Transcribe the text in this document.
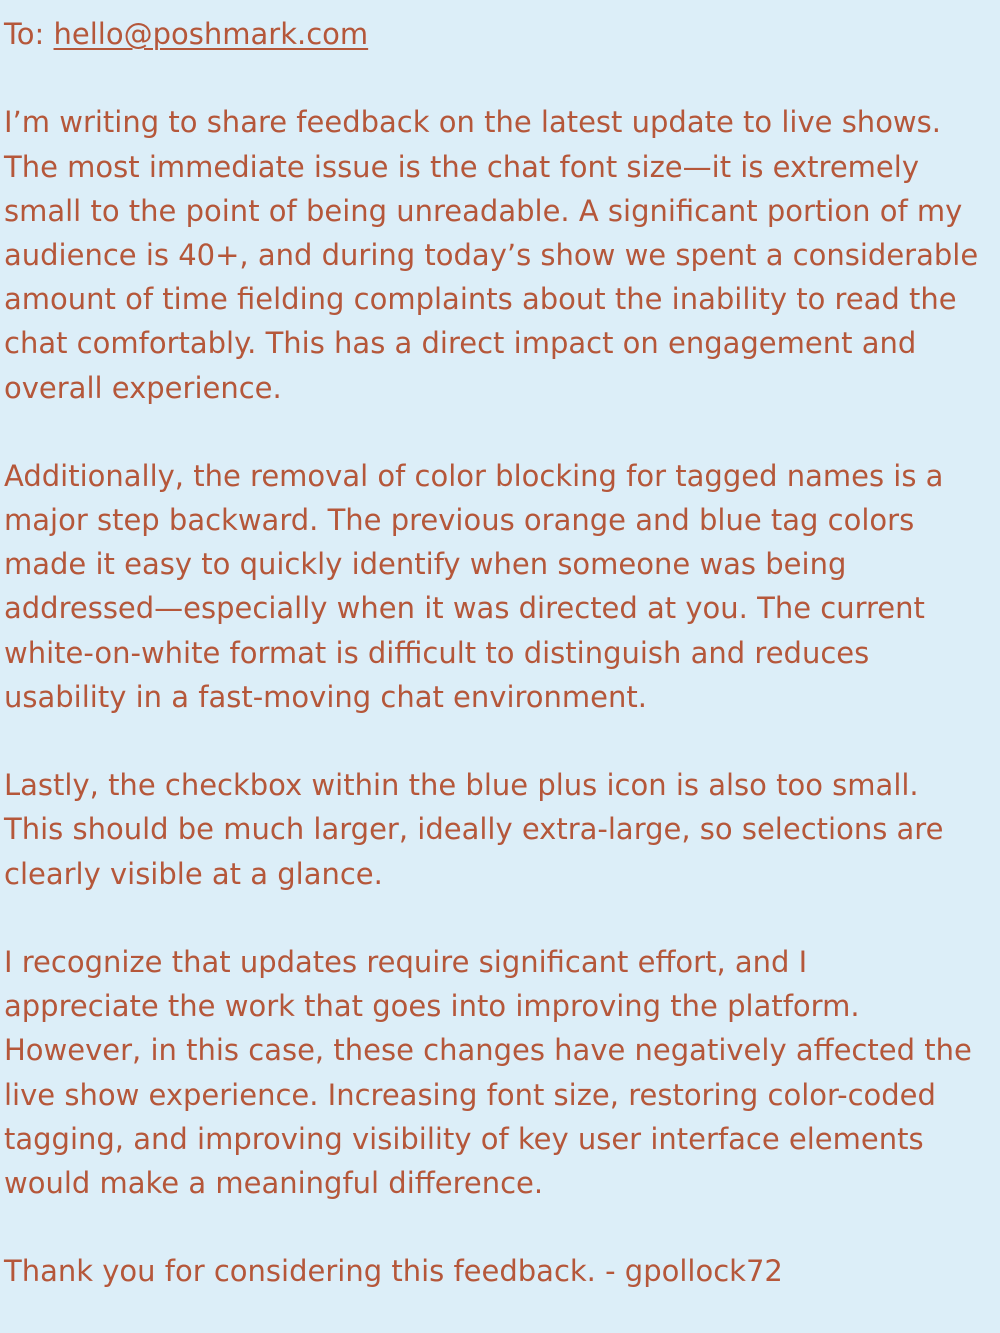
To: hello@poshmark.com
I’m writing to share feedback on the latest update to live shows.
The most immediate issue is the chat font size—it is extremely
small to the point of being unreadable. A significant portion of my
audience is 40+, and during today’s show we spent a considerable
amount of time fielding complaints about the inability to read the
chat comfortably. This has a direct impact on engagement and
overall experience.
Additionally, the removal of color blocking for tagged names is a
major step backward. The previous orange and blue tag colors
made it easy to quickly identify when someone was being
addressed—especially when it was directed at you. The current
white-on-white format is difficult to distinguish and reduces
usability in a fast-moving chat environment.
Lastly, the checkbox within the blue plus icon is also too small.
This should be much larger, ideally extra-large, so selections are
clearly visible at a glance.
I recognize that updates require significant effort, and I
appreciate the work that goes into improving the platform.
However, in this case, these changes have negatively affected the
live show experience. Increasing font size, restoring color-coded
tagging, and improving visibility of key user interface elements
would make a meaningful difference.
Thank you for considering this feedback. - gpollock72
